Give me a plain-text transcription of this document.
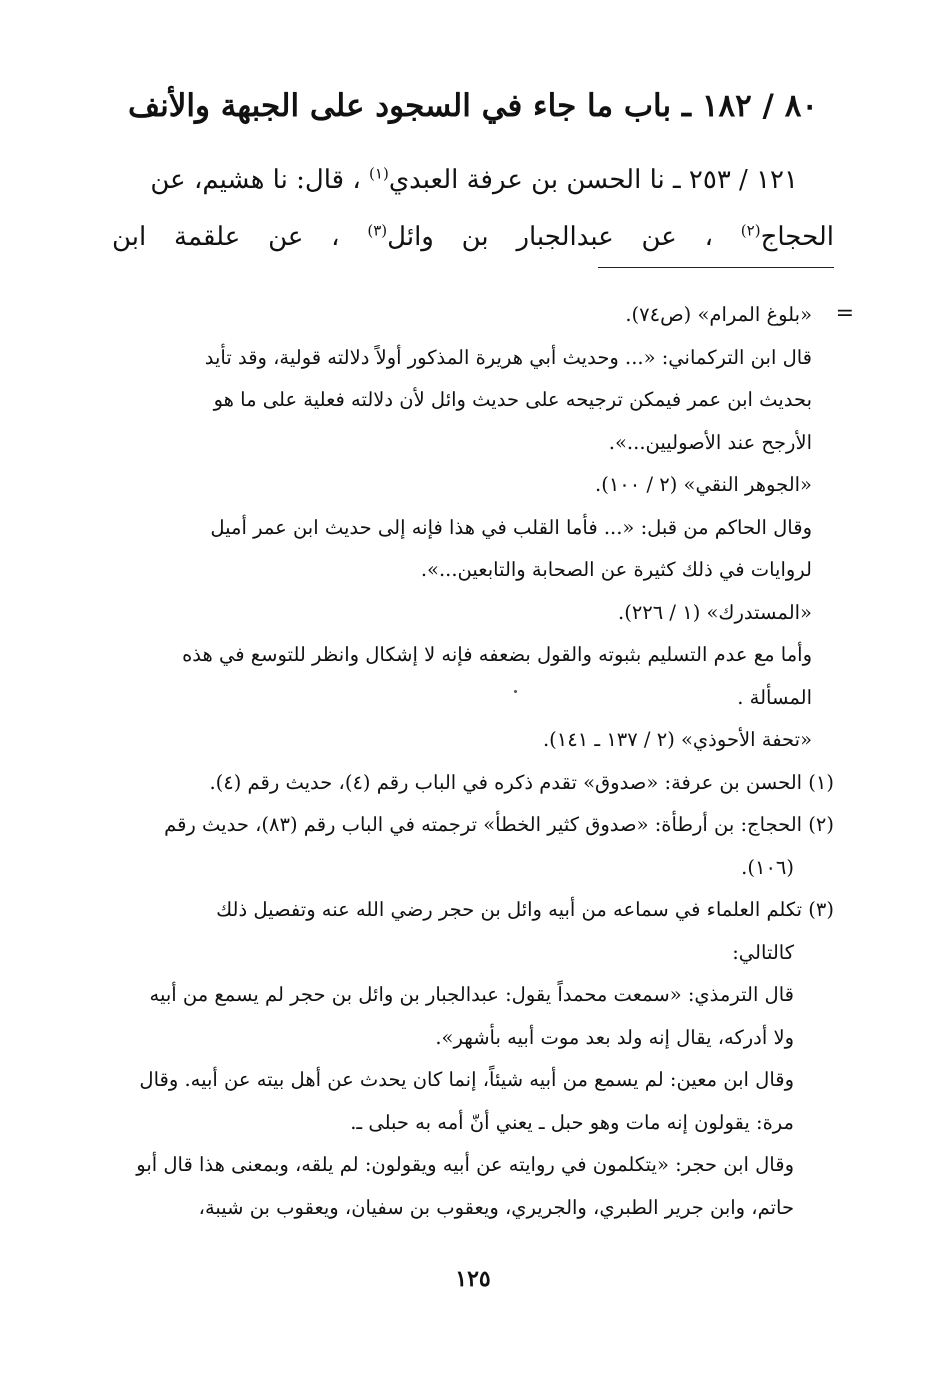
٨٠ / ١٨٢ ـ باب ما جاء في السجود على الجبهة والأنف
١٢١ / ٢٥٣ ـ نا الحسن بن عرفة العبدي$^{(١)}$ ، قال: نا هشيم، عن
الحجاج$^{(٢)}$ ، عن عبدالجبار بن وائل$^{(٣)}$ ، عن علقمة ابن
=
«بلوغ المرام» (ص٧٤).
قال ابن التركماني: «... وحديث أبي هريرة المذكور أولاً دلالته قولية، وقد تأيد
بحديث ابن عمر فيمكن ترجيحه على حديث وائل لأن دلالته فعلية على ما هو
الأرجح عند الأصوليين...».
«الجوهر النقي» (٢ / ١٠٠).
وقال الحاكم من قبل: «... فأما القلب في هذا فإنه إلى حديث ابن عمر أميل
لروايات في ذلك كثيرة عن الصحابة والتابعين...».
«المستدرك» (١ / ٢٢٦).
وأما مع عدم التسليم بثبوته والقول بضعفه فإنه لا إشكال وانظر للتوسع في هذه
المسألة .
«تحفة الأحوذي» (٢ / ١٣٧ ـ ١٤١).
(١) الحسن بن عرفة: «صدوق» تقدم ذكره في الباب رقم (٤)، حديث رقم (٤).
(٢) الحجاج: بن أرطأة: «صدوق كثير الخطأ» ترجمته في الباب رقم (٨٣)، حديث رقم
(١٠٦).
(٣) تكلم العلماء في سماعه من أبيه وائل بن حجر رضي الله عنه وتفصيل ذلك
كالتالي:
قال الترمذي: «سمعت محمداً يقول: عبدالجبار بن وائل بن حجر لم يسمع من أبيه
ولا أدركه، يقال إنه ولد بعد موت أبيه بأشهر».
وقال ابن معين: لم يسمع من أبيه شيئاً، إنما كان يحدث عن أهل بيته عن أبيه. وقال
مرة: يقولون إنه مات وهو حبل ـ يعني أنّ أمه به حبلى ـ.
وقال ابن حجر: «يتكلمون في روايته عن أبيه ويقولون: لم يلقه، وبمعنى هذا قال أبو
حاتم، وابن جرير الطبري، والجريري، ويعقوب بن سفيان، ويعقوب بن شيبة،
١٢٥
